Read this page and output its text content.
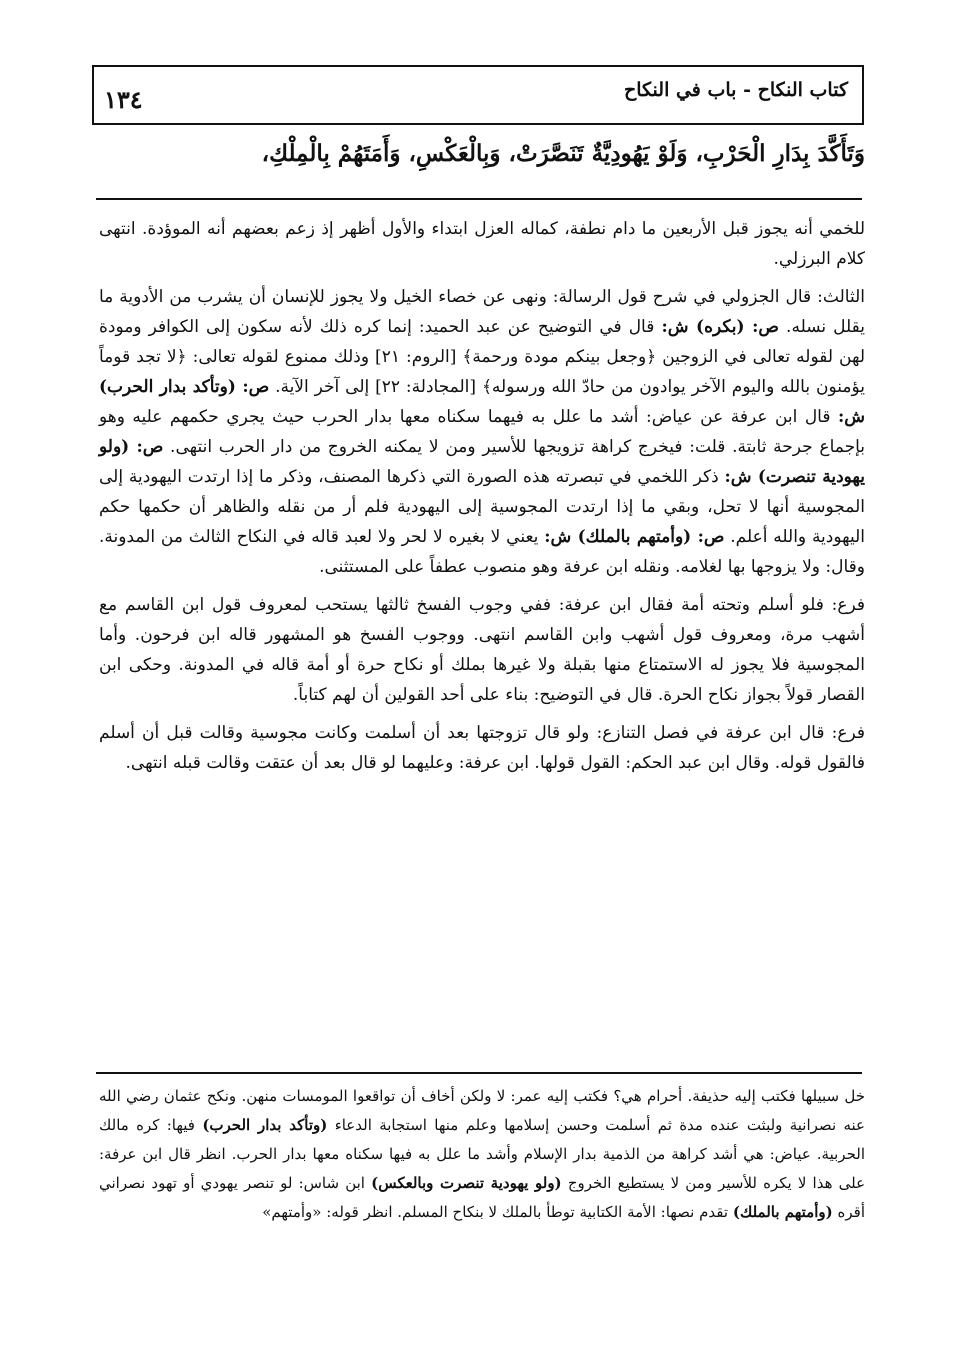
كتاب النكاح - باب في النكاح
١٣٤
وَتَأَكَّدَ بِدَارِ الْحَرْبِ، وَلَوْ يَهُودِيَّةٌ تَنَصَّرَتْ، وَبِالْعَكْسِ، وَأَمَتَهُمْ بِالْمِلْكِ،

للخمي أنه يجوز قبل الأربعين ما دام نطفة، كماله العزل ابتداء والأول أظهر إذ زعم بعضهم أنه الموؤدة. انتهى كلام البرزلي.

الثالث: قال الجزولي في شرح قول الرسالة: ونهى عن خصاء الخيل ولا يجوز للإنسان أن يشرب من الأدوية ما يقلل نسله. ص: (بكره) ش: قال في التوضيح عن عبد الحميد: إنما كره ذلك لأنه سكون إلى الكوافر ومودة لهن لقوله تعالى في الزوجين ﴿وجعل بينكم مودة ورحمة﴾ [الروم: ٢١] وذلك ممنوع لقوله تعالى: ﴿لا تجد قوماً يؤمنون بالله واليوم الآخر يوادون من حادّ الله ورسوله﴾ [المجادلة: ٢٢] إلى آخر الآية. ص: (وتأكد بدار الحرب) ش: قال ابن عرفة عن عياض: أشد ما علل به فيهما سكناه معها بدار الحرب حيث يجري حكمهم عليه وهو بإجماع جرحة ثابتة. قلت: فيخرج كراهة تزويجها للأسير ومن لا يمكنه الخروج من دار الحرب انتهى. ص: (ولو يهودية تنصرت) ش: ذكر اللخمي في تبصرته هذه الصورة التي ذكرها المصنف، وذكر ما إذا ارتدت اليهودية إلى المجوسية أنها لا تحل، وبقي ما إذا ارتدت المجوسية إلى اليهودية فلم أر من نقله والظاهر أن حكمها حكم اليهودية والله أعلم. ص: (وأمتهم بالملك) ش: يعني لا بغيره لا لحر ولا لعبد قاله في النكاح الثالث من المدونة. وقال: ولا يزوجها بها لغلامه. ونقله ابن عرفة وهو منصوب عطفاً على المستثنى.

فرع: فلو أسلم وتحته أمة فقال ابن عرفة: ففي وجوب الفسخ ثالثها يستحب لمعروف قول ابن القاسم مع أشهب مرة، ومعروف قول أشهب وابن القاسم انتهى. ووجوب الفسخ هو المشهور قاله ابن فرحون. وأما المجوسية فلا يجوز له الاستمتاع منها بقبلة ولا غيرها بملك أو نكاح حرة أو أمة قاله في المدونة. وحكى ابن القصار قولاً بجواز نكاح الحرة. قال في التوضيح: بناء على أحد القولين أن لهم كتاباً.

فرع: قال ابن عرفة في فصل التنازع: ولو قال تزوجتها بعد أن أسلمت وكانت مجوسية وقالت قبل أن أسلم فالقول قوله. وقال ابن عبد الحكم: القول قولها. ابن عرفة: وعليهما لو قال بعد أن عتقت وقالت قبله انتهى.

خل سبيلها فكتب إليه حذيفة. أحرام هي؟ فكتب إليه عمر: لا ولكن أخاف أن تواقعوا المومسات منهن. ونكح عثمان رضي الله عنه نصرانية ولبثت عنده مدة ثم أسلمت وحسن إسلامها وعلم منها استجابة الدعاء (وتأكد بدار الحرب) فيها: كره مالك الحربية. عياض: هي أشد كراهة من الذمية بدار الإسلام وأشد ما علل به فيها سكناه معها بدار الحرب. انظر قال ابن عرفة: على هذا لا يكره للأسير ومن لا يستطيع الخروج (ولو يهودية تنصرت وبالعكس) ابن شاس: لو تنصر يهودي أو تهود نصراني أقره (وأمتهم بالملك) تقدم نصها: الأمة الكتابية توطأ بالملك لا بنكاح المسلم. انظر قوله: «وأمتهم»
